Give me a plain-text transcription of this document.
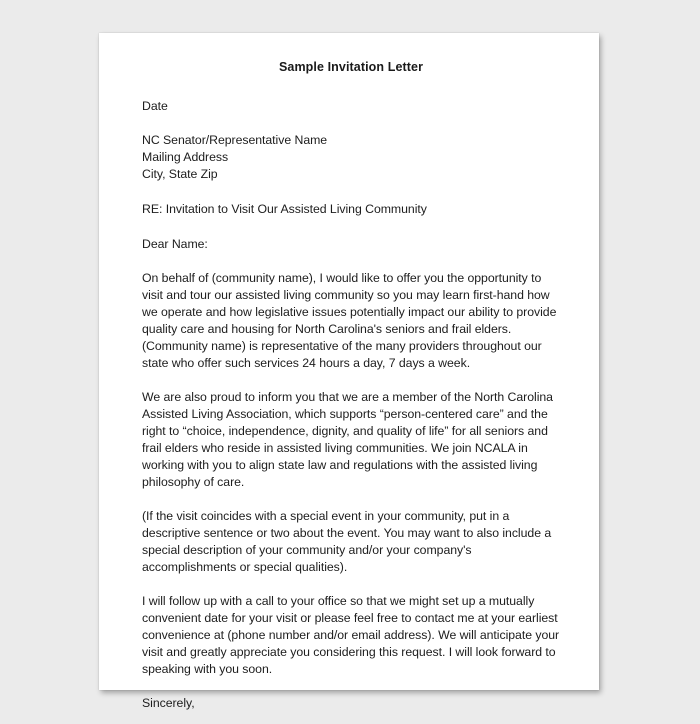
Sample Invitation Letter
Date
NC Senator/Representative Name
Mailing Address
City, State Zip
RE: Invitation to Visit Our Assisted Living Community
Dear Name:
On behalf of (community name), I would like to offer you the opportunity to visit and tour our assisted living community so you may learn first-hand how we operate and how legislative issues potentially impact our ability to provide quality care and housing for North Carolina's seniors and frail elders. (Community name) is representative of the many providers throughout our state who offer such services 24 hours a day, 7 days a week.
We are also proud to inform you that we are a member of the North Carolina Assisted Living Association, which supports “person-centered care” and the right to “choice, independence, dignity, and quality of life” for all seniors and frail elders who reside in assisted living communities. We join NCALA in working with you to align state law and regulations with the assisted living philosophy of care.
(If the visit coincides with a special event in your community, put in a descriptive sentence or two about the event. You may want to also include a special description of your community and/or your company's accomplishments or special qualities).
I will follow up with a call to your office so that we might set up a mutually convenient date for your visit or please feel free to contact me at your earliest convenience at (phone number and/or email address). We will anticipate your visit and greatly appreciate you considering this request. I will look forward to speaking with you soon.
Sincerely,
